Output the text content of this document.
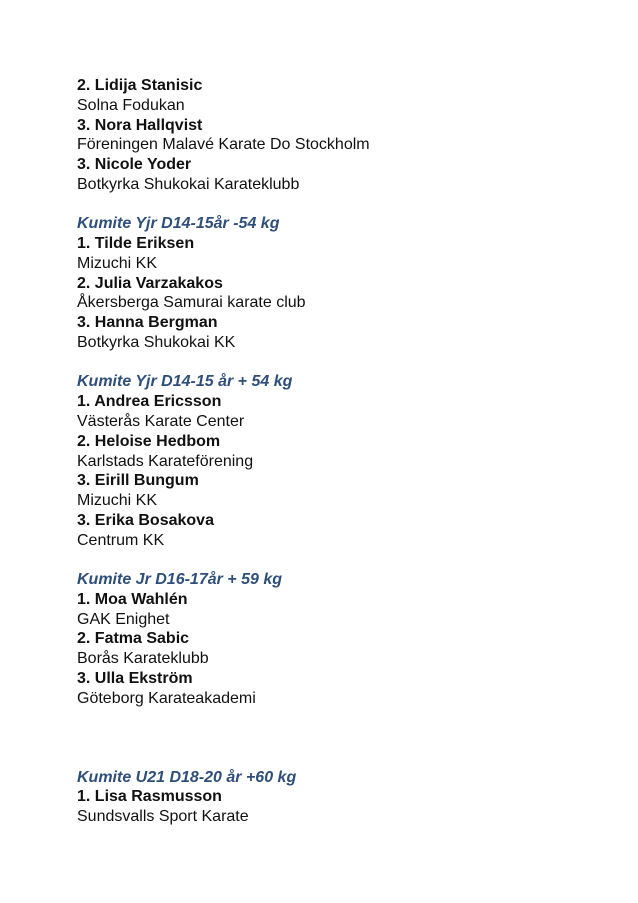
2. Lidija Stanisic
Solna Fodukan
3. Nora Hallqvist
Föreningen Malavé Karate Do Stockholm
3. Nicole Yoder
Botkyrka Shukokai Karateklubb
Kumite Yjr D14-15år -54 kg
1. Tilde Eriksen
Mizuchi KK
2. Julia Varzakakos
Åkersberga Samurai karate club
3. Hanna Bergman
Botkyrka Shukokai KK
Kumite Yjr D14-15 år + 54 kg
1. Andrea Ericsson
Västerås Karate Center
2. Heloise Hedbom
Karlstads Karateförening
3. Eirill Bungum
Mizuchi KK
3. Erika Bosakova
Centrum KK
Kumite Jr D16-17år + 59 kg
1. Moa Wahlén
GAK Enighet
2. Fatma Sabic
Borås Karateklubb
3. Ulla Ekström
Göteborg Karateakademi
Kumite U21 D18-20 år +60 kg
1. Lisa Rasmusson
Sundsvalls Sport Karate
